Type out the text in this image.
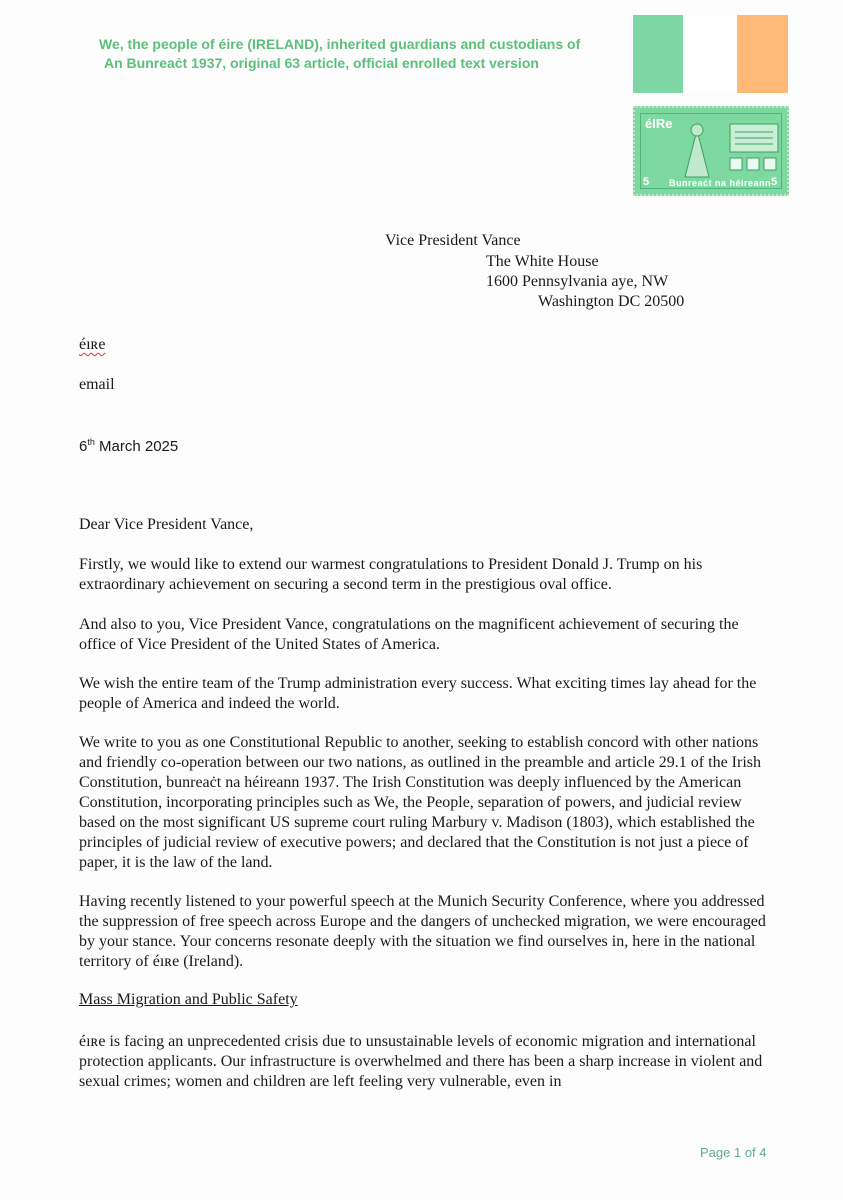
We, the people of éire (IRELAND), inherited guardians and custodians of
An Bunreaċt 1937, original 63 article, official enrolled text version
éIRe
5 Bunreaċt na héireann 5
Vice President Vance
The White House
1600 Pennsylvania aye, NW
Washington DC 20500
éıʀe
email
6th March 2025
Dear Vice President Vance,

Firstly, we would like to extend our warmest congratulations to President Donald J. Trump on his extraordinary achievement on securing a second term in the prestigious oval office.

And also to you, Vice President Vance, congratulations on the magnificent achievement of securing the office of Vice President of the United States of America.

We wish the entire team of the Trump administration every success. What exciting times lay ahead for the people of America and indeed the world.

We write to you as one Constitutional Republic to another, seeking to establish concord with other nations and friendly co-operation between our two nations, as outlined in the preamble and article 29.1 of the Irish Constitution, bunreaċt na héireann 1937. The Irish Constitution was deeply influenced by the American Constitution, incorporating principles such as We, the People, separation of powers, and judicial review based on the most significant US supreme court ruling Marbury v. Madison (1803), which established the principles of judicial review of executive powers; and declared that the Constitution is not just a piece of paper, it is the law of the land.

Having recently listened to your powerful speech at the Munich Security Conference, where you addressed the suppression of free speech across Europe and the dangers of unchecked migration, we were encouraged by your stance. Your concerns resonate deeply with the situation we find ourselves in, here in the national territory of éıʀe (Ireland).

Mass Migration and Public Safety

éıʀe is facing an unprecedented crisis due to unsustainable levels of economic migration and international protection applicants. Our infrastructure is overwhelmed and there has been a sharp increase in violent and sexual crimes; women and children are left feeling very vulnerable, even in

Page 1 of 4
